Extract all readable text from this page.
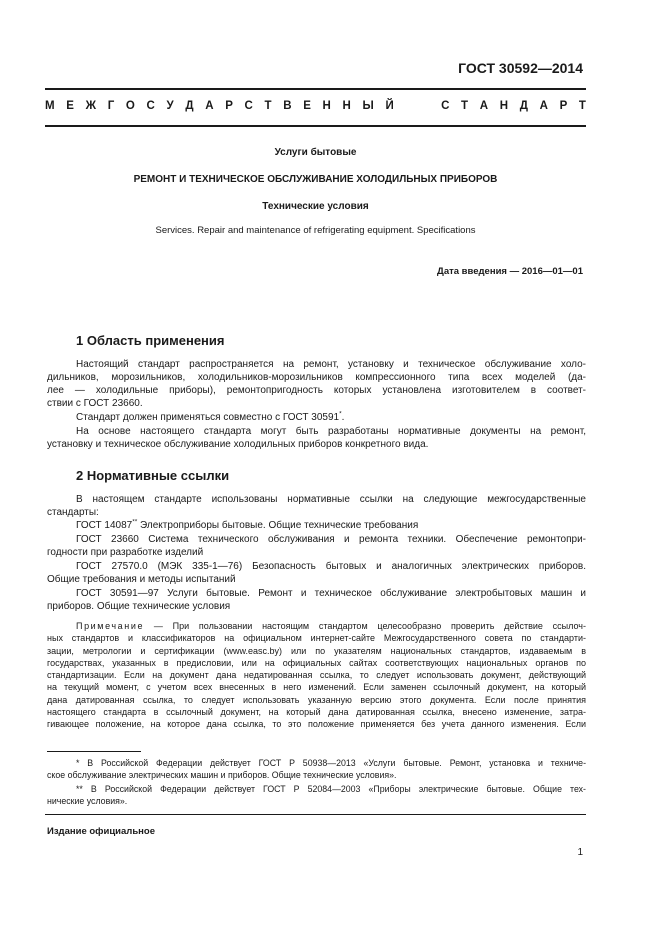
ГОСТ 30592—2014
М Е Ж Г О С У Д А Р С Т В Е Н Н Ы Й	С Т А Н Д А Р Т
Услуги бытовые
РЕМОНТ И ТЕХНИЧЕСКОЕ ОБСЛУЖИВАНИЕ ХОЛОДИЛЬНЫХ ПРИБОРОВ
Технические условия
Services. Repair and maintenance of refrigerating equipment. Specifications
Дата введения — 2016—01—01
1 Область применения
Настоящий стандарт распространяется на ремонт, установку и техническое обслуживание холо-
дильников, морозильников, холодильников-морозильников компрессионного типа всех моделей (да-
лее — холодильные приборы), ремонтопригодность которых установлена изготовителем в соответ-
ствии с ГОСТ 23660.
Стандарт должен применяться совместно с ГОСТ 30591*.
На основе настоящего стандарта могут быть разработаны нормативные документы на ремонт,
установку и техническое обслуживание холодильных приборов конкретного вида.
2 Нормативные ссылки
В настоящем стандарте использованы нормативные ссылки на следующие межгосударственные
стандарты:
ГОСТ 14087** Электроприборы бытовые. Общие технические требования
ГОСТ 23660 Система технического обслуживания и ремонта техники. Обеспечение ремонтопри-
годности при разработке изделий
ГОСТ 27570.0 (МЭК 335-1—76) Безопасность бытовых и аналогичных электрических приборов.
Общие требования и методы испытаний
ГОСТ 30591—97 Услуги бытовые. Ремонт и техническое обслуживание электробытовых машин и
приборов. Общие технические условия
Примечание — При пользовании настоящим стандартом целесообразно проверить действие ссылоч-
ных стандартов и классификаторов на официальном интернет-сайте Межгосударственного совета по стандарти-
зации, метрологии и сертификации (www.easc.by) или по указателям национальных стандартов, издаваемым в
государствах, указанных в предисловии, или на официальных сайтах соответствующих национальных органов по
стандартизации. Если на документ дана недатированная ссылка, то следует использовать документ, действующий
на текущий момент, с учетом всех внесенных в него изменений. Если заменен ссылочный документ, на который
дана датированная ссылка, то следует использовать указанную версию этого документа. Если после принятия
настоящего стандарта в ссылочный документ, на который дана датированная ссылка, внесено изменение, затра-
гивающее положение, на которое дана ссылка, то это положение применяется без учета данного изменения. Если
* В Российской Федерации действует ГОСТ Р 50938—2013 «Услуги бытовые. Ремонт, установка и техниче-
ское обслуживание электрических машин и приборов. Общие технические условия».
** В Российской Федерации действует ГОСТ Р 52084—2003 «Приборы электрические бытовые. Общие тех-
нические условия».
Издание официальное
1
